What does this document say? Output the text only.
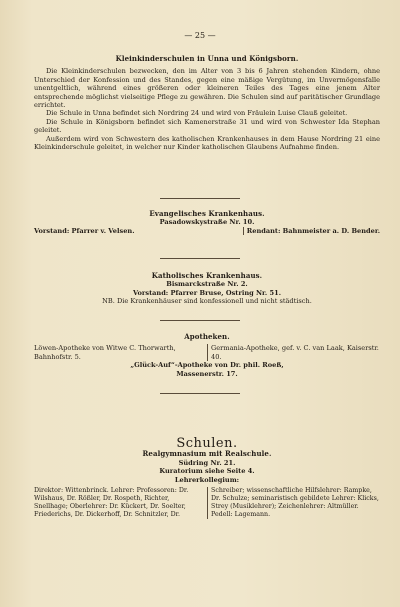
— 25 —
Kleinkinderschulen in Unna und Königsborn.

Die Kleinkinderschulen bezwecken, den im Alter von 3 bis 6 Jahren stehenden Kindern, ohne Unterschied der Konfession und des Standes, gegen eine mäßige Vergütung, im Unvermögensfalle unentgeltlich, während eines größeren oder kleineren Teiles des Tages eine jenem Alter entsprechende möglichst vielseitige Pflege zu gewähren. Die Schulen sind auf paritätischer Grundlage errichtet.

Die Schule in Unna befindet sich Nordring 24 und wird von Fräulein Luise Clauß geleitet.

Die Schule in Königsborn befindet sich Kamenerstraße 31 und wird von Schwester Ida Stephan geleitet.

Außerdem wird von Schwestern des katholischen Krankenhauses in dem Hause Nordring 21 eine Kleinkinderschule geleitet, in welcher nur Kinder katholischen Glaubens Aufnahme finden.

Evangelisches Krankenhaus.
Pasadowskystraße Nr. 10.
Vorstand: Pfarrer v. Velsen.	Rendant: Bahnmeister a. D. Bender.
Katholisches Krankenhaus.
Bismarckstraße Nr. 2.
Vorstand: Pfarrer Bruse, Ostring Nr. 51.
NB. Die Krankenhäuser sind konfessionell und nicht städtisch.
Apotheken.
Löwen-Apotheke von Witwe C. Thorwarth, Bahnhofstr. 5.
Germania-Apotheke, gef. v. C. van Laak, Kaiserstr. 40.
„Glück-Auf“-Apotheke von Dr. phil. Roeß,
Massenerstr. 17.
Schulen.
Realgymnasium mit Realschule.
Südring Nr. 21.
Kuratorium siehe Seite 4.
Lehrerkollegium:
Direktor: Wittenbrinck. Lehrer: Professoren: Dr. Wilshaus, Dr. Rößler, Dr. Rospeth, Richter, Snellhage; Oberlehrer: Dr. Kückert, Dr. Soelter, Friederichs, Dr. Dickerhoff, Dr. Schnitzler, Dr.
Schreiber; wissenschaftliche Hilfslehrer: Rampke, Dr. Schulze; seminaristisch gebildete Lehrer: Klicks, Strey (Musiklehrer); Zeichenlehrer: Altmüller. Pedell: Lagemann.
